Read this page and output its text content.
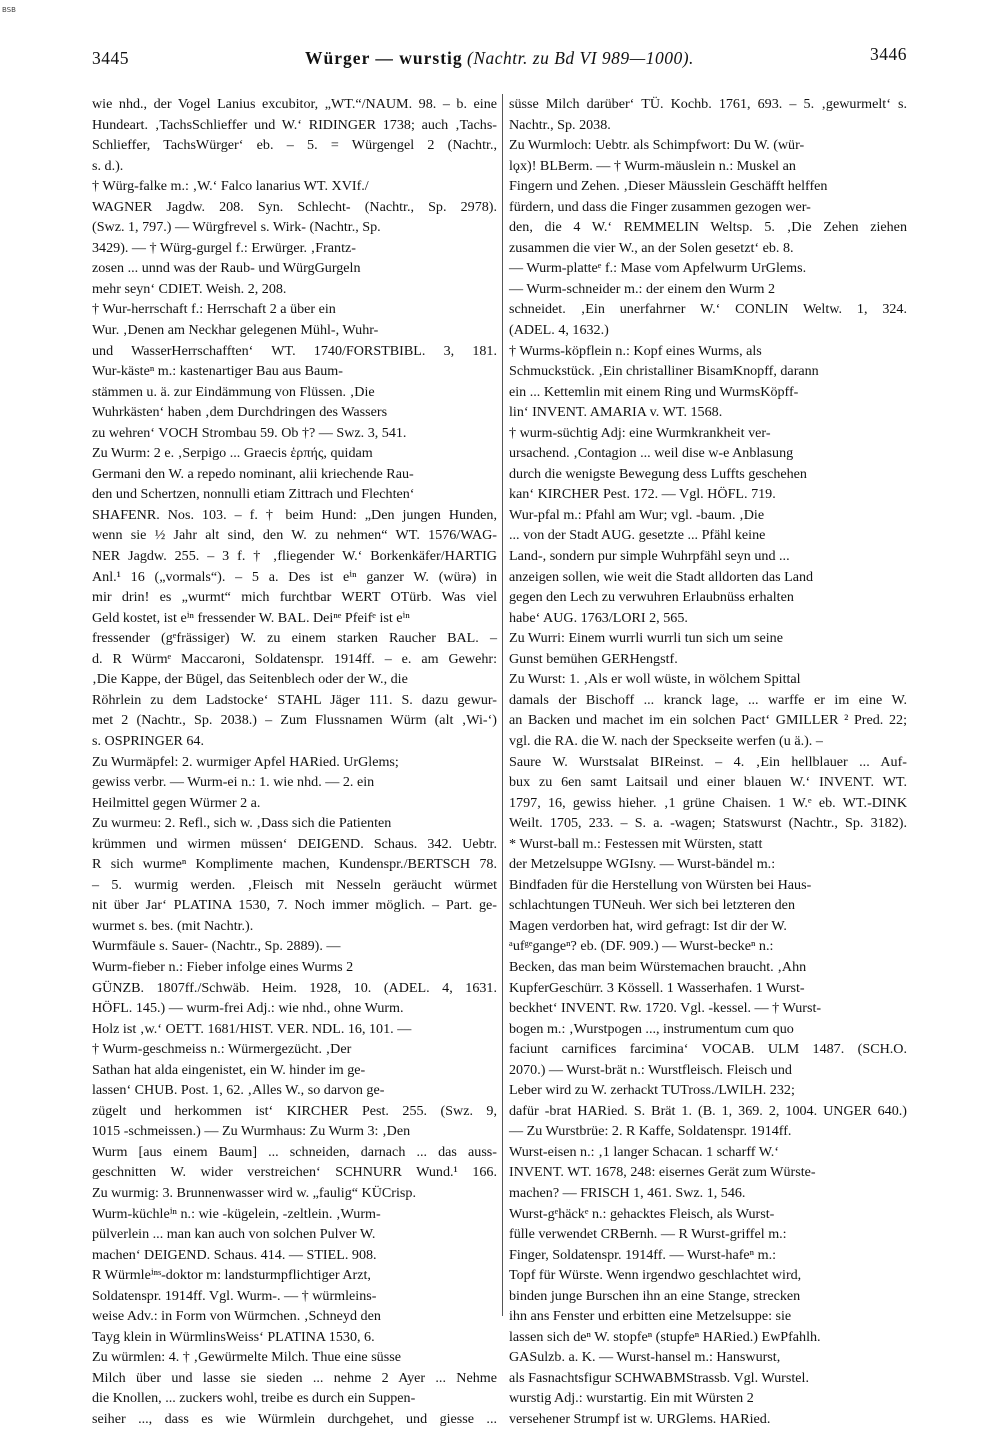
BSB
3445	Würger — wurstig (Nachtr. zu Bd VI 989—1000).	3446
wie nhd., der Vogel Lanius excubitor, „WT.“/NAUM. 98. – b. eine
Hundeart. ‚TachsSchlieffer und W.‘ RIDINGER 1738; auch ‚Tachs-
Schlieffer, TachsWürger‘ eb. – 5. = Würgengel 2 (Nachtr.,
s. d.).
† Würg-falke m.: ‚W.‘ Falco lanarius WT. XVIf./
WAGNER Jagdw. 208. Syn. Schlecht- (Nachtr., Sp. 2978).
(Swz. 1, 797.) — Würgfrevel s. Wirk- (Nachtr., Sp.
3429). — † Würg-gurgel f.: Erwürger. ‚Frantz-
zosen ... unnd was der Raub- und WürgGurgeln
mehr seyn‘ CDIET. Weish. 2, 208.
† Wur-herrschaft f.: Herrschaft 2 a über ein
Wur. ‚Denen am Neckhar gelegenen Mühl-, Wuhr-
und WasserHerrschafften‘ WT. 1740/FORSTBIBL. 3, 181.
Wur-kästeⁿ m.: kastenartiger Bau aus Baum-
stämmen u. ä. zur Eindämmung von Flüssen. ‚Die
Wuhrkästen‘ haben ‚dem Durchdringen des Wassers
zu wehren‘ VOCH Strombau 59. Ob †? — Swz. 3, 541.
Zu Wurm: 2 e. ‚Serpigo ... Graecis ἑρπής, quidam
Germani den W. a repedo nominant, alii kriechende Rau-
den und Schertzen, nonnulli etiam Zittrach und Flechten‘
SHAFENR. Nos. 103. – f. † beim Hund: „Den jungen Hunden,
wenn sie ½ Jahr alt sind, den W. zu nehmen“ WT. 1576/WAG-
NER Jagdw. 255. – 3 f. † ‚fliegender W.‘ Borkenkäfer/HARTIG
Anl.¹ 16 („vormals“). – 5 a. Des ist eⁱⁿ ganzer W. (würə) in
mir drin! es „wurmt“ mich furchtbar WERT OTürb. Was viel
Geld kostet, ist eⁱⁿ fressender W. BAL. Deiⁿᵉ Pfeifᵉ ist eⁱⁿ
fressender (gᵉfrässiger) W. zu einem starken Raucher BAL. –
d. R Würmᵉ Maccaroni, Soldatenspr. 1914ff. – e. am Gewehr:
‚Die Kappe, der Bügel, das Seitenblech oder der W., die
Röhrlein zu dem Ladstocke‘ STAHL Jäger 111. S. dazu gewur-
met 2 (Nachtr., Sp. 2038.) – Zum Flussnamen Würm (alt ‚Wi-‘)
s. OSPRINGER 64.
Zu Wurmäpfel: 2. wurmiger Apfel HARied. UrGlems;
gewiss verbr. — Wurm-ei n.: 1. wie nhd. — 2. ein
Heilmittel gegen Würmer 2 a.
Zu wurmeu: 2. Refl., sich w. ‚Dass sich die Patienten
krümmen und wirmen müssen‘ DEIGEND. Schaus. 342. Uebtr.
R sich wurmeⁿ Komplimente machen, Kundenspr./BERTSCH 78.
– 5. wurmig werden. ‚Fleisch mit Nesseln geräucht würmet
nit über Jar‘ PLATINA 1530, 7. Noch immer möglich. – Part. ge-
wurmet s. bes. (mit Nachtr.).
Wurmfäule s. Sauer- (Nachtr., Sp. 2889). —
Wurm-fieber n.: Fieber infolge eines Wurms 2
GÜNZB. 1807ff./Schwäb. Heim. 1928, 10. (ADEL. 4, 1631.
HÖFL. 145.) — wurm-frei Adj.: wie nhd., ohne Wurm.
Holz ist ‚w.‘ OETT. 1681/HIST. VER. NDL. 16, 101. —
† Wurm-geschmeiss n.: Würmergezücht. ‚Der
Sathan hat alda eingenistet, ein W. hinder im ge-
lassen‘ CHUB. Post. 1, 62. ‚Alles W., so darvon ge-
zügelt und herkommen ist‘ KIRCHER Pest. 255. (Swz. 9,
1015 -schmeissen.) — Zu Wurmhaus: Zu Wurm 3: ‚Den
Wurm [aus einem Baum] ... schneiden, darnach ... das auss-
geschnitten W. wider verstreichen‘ SCHNURR Wund.¹ 166.
Zu wurmig: 3. Brunnenwasser wird w. „faulig“ KÜCrisp.
Wurm-küchleⁱⁿ n.: wie -kügelein, -zeltlein. ‚Wurm-
pülverlein ... man kan auch von solchen Pulver W.
machen‘ DEIGEND. Schaus. 414. — STIEL. 908.
R Würmleⁱⁿˢ-doktor m: landsturmpflichtiger Arzt,
Soldatenspr. 1914ff. Vgl. Wurm-. — † würmleins-
weise Adv.: in Form von Würmchen. ‚Schneyd den
Tayg klein in WürmlinsWeiss‘ PLATINA 1530, 6.
Zu würmlen: 4. † ‚Gewürmelte Milch. Thue eine süsse
Milch über und lasse sie sieden ... nehme 2 Ayer ... Nehme
die Knollen, ... zuckers wohl, treibe es durch ein Suppen-
seiher ..., dass es wie Würmlein durchgehet, und giesse ...
süsse Milch darüber‘ TÜ. Kochb. 1761, 693. – 5. ‚gewurmelt‘ s.
Nachtr., Sp. 2038.
Zu Wurmloch: Uebtr. als Schimpfwort: Du W. (wür-
lǫx)! BLBerm. — † Wurm-mäuslein n.: Muskel an
Fingern und Zehen. ‚Dieser Mäusslein Geschäfft helffen
fürdern, und dass die Finger zusammen gezogen wer-
den, die 4 W.‘ REMMELIN Weltsp. 5. ‚Die Zehen ziehen
zusammen die vier W., an der Solen gesetzt‘ eb. 8.
— Wurm-platteᵉ f.: Mase vom Apfelwurm UrGlems.
— Wurm-schneider m.: der einem den Wurm 2
schneidet. ‚Ein unerfahrner W.‘ CONLIN Weltw. 1, 324.
(ADEL. 4, 1632.)
† Wurms-köpflein n.: Kopf eines Wurms, als
Schmuckstück. ‚Ein christalliner BisamKnopff, darann
ein ... Kettemlin mit einem Ring und WurmsKöpff-
lin‘ INVENT. AMARIA v. WT. 1568.
† wurm-süchtig Adj: eine Wurmkrankheit ver-
ursachend. ‚Contagion ... weil dise w-e Anblasung
durch die wenigste Bewegung dess Luffts geschehen
kan‘ KIRCHER Pest. 172. — Vgl. HÖFL. 719.
Wur-pfal m.: Pfahl am Wur; vgl. -baum. ‚Die
... von der Stadt AUG. gesetzte ... Pfähl keine
Land-, sondern pur simple Wuhrpfähl seyn und ...
anzeigen sollen, wie weit die Stadt alldorten das Land
gegen den Lech zu verwuhren Erlaubnüss erhalten
habe‘ AUG. 1763/LORI 2, 565.
Zu Wurri: Einem wurrli wurrli tun sich um seine
Gunst bemühen GERHengstf.
Zu Wurst: 1. ‚Als er woll wüste, in wölchem Spittal
damals der Bischoff ... kranck lage, ... warffe er im eine W.
an Backen und machet im ein solchen Pact‘ GMILLER ² Pred. 22;
vgl. die RA. die W. nach der Speckseite werfen (u ä.). –
Saure W. Wurstsalat BIReinst. – 4. ‚Ein hellblauer ... Auf-
bux zu 6en samt Laitsail und einer blauen W.‘ INVENT. WT.
1797, 16, gewiss hieher. ‚1 grüne Chaisen. 1 W.ᵉ eb. WT.-DINK
Weilt. 1705, 233. – S. a. -wagen; Statswurst (Nachtr., Sp. 3182).
* Wurst-ball m.: Festessen mit Würsten, statt
der Metzelsuppe WGIsny. — Wurst-bändel m.:
Bindfaden für die Herstellung von Würsten bei Haus-
schlachtungen TUNeuh. Wer sich bei letzteren den
Magen verdorben hat, wird gefragt: Ist dir der W.
ᵃufᵍᵉgangeⁿ? eb. (DF. 909.) — Wurst-beckeⁿ n.:
Becken, das man beim Würstemachen braucht. ‚Ahn
KupferGeschürr. 3 Kössell. 1 Wasserhafen. 1 Wurst-
beckhet‘ INVENT. Rw. 1720. Vgl. -kessel. — † Wurst-
bogen m.: ‚Wurstpogen ..., instrumentum cum quo
faciunt carnifices farcimina‘ VOCAB. ULM 1487. (SCH.O.
2070.) — Wurst-brät n.: Wurstfleisch. Fleisch und
Leber wird zu W. zerhackt TUTross./LWILH. 232;
dafür -brat HARied. S. Brät 1. (B. 1, 369. 2, 1004. UNGER 640.)
— Zu Wurstbrüe: 2. R Kaffe, Soldatenspr. 1914ff.
Wurst-eisen n.: ‚1 langer Schacan. 1 scharff W.‘
INVENT. WT. 1678, 248: eisernes Gerät zum Würste-
machen? — FRISCH 1, 461. Swz. 1, 546.
Wurst-gᵉhäckᵉ n.: gehacktes Fleisch, als Wurst-
fülle verwendet CRBernh. — R Wurst-griffel m.:
Finger, Soldatenspr. 1914ff. — Wurst-hafeⁿ m.:
Topf für Würste. Wenn irgendwo geschlachtet wird,
binden junge Burschen ihn an eine Stange, strecken
ihn ans Fenster und erbitten eine Metzelsuppe: sie
lassen sich deⁿ W. stopfeⁿ (stupfeⁿ HARied.) EwPfahlh.
GASulzb. a. K. — Wurst-hansel m.: Hanswurst,
als Fasnachtsfigur SCHWABMStrassb. Vgl. Wurstel.
wurstig Adj.: wurstartig. Ein mit Würsten 2
versehener Strumpf ist w. URGlems. HARied.
